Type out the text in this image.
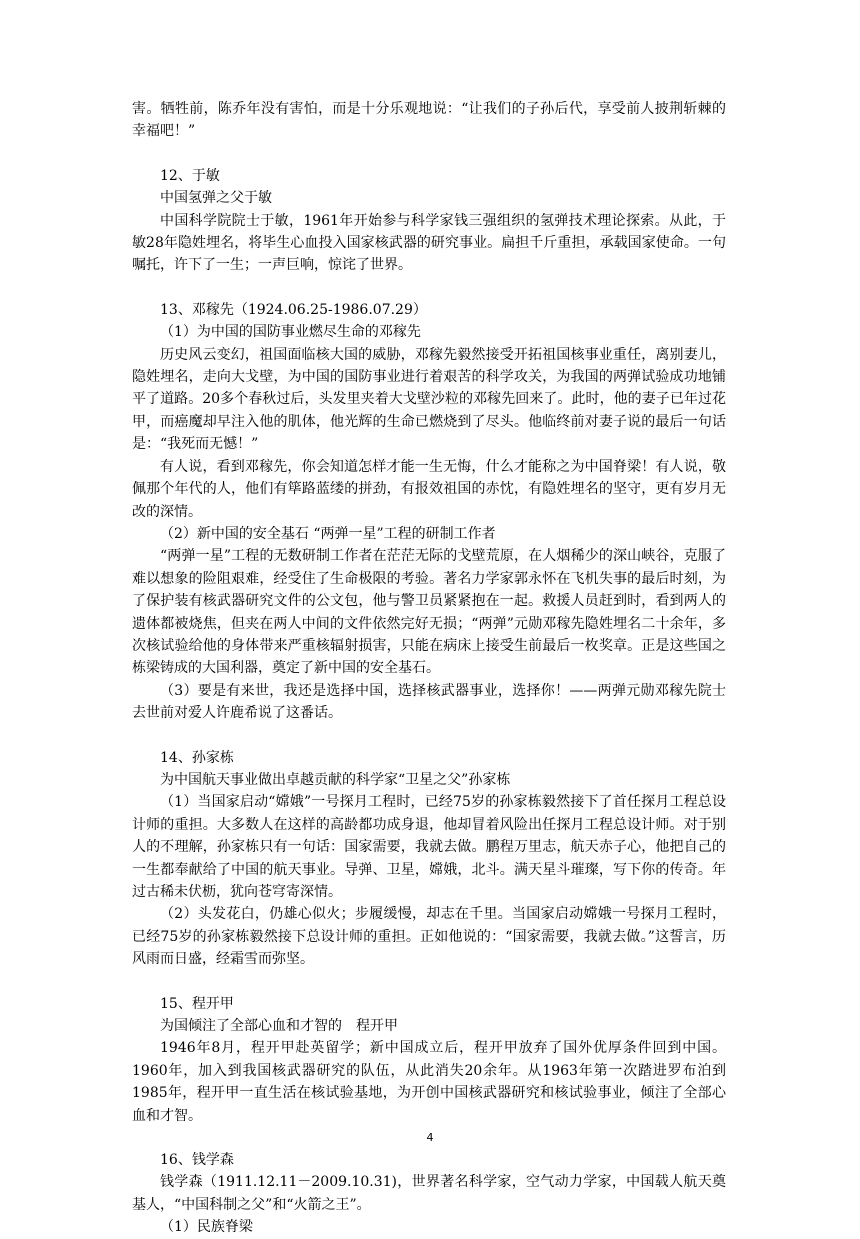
害。牺牲前，陈乔年没有害怕，而是十分乐观地说：“让我们的子孙后代，享受前人披荆斩棘的幸福吧！”

12、于敏

中国氢弹之父于敏

中国科学院院士于敏，1961年开始参与科学家钱三强组织的氢弹技术理论探索。从此，于敏28年隐姓埋名，将毕生心血投入国家核武器的研究事业。扁担千斤重担，承载国家使命。一句嘱托，许下了一生；一声巨响，惊诧了世界。

13、邓稼先（1924.06.25-1986.07.29）

（1）为中国的国防事业燃尽生命的邓稼先

历史风云变幻，祖国面临核大国的威胁，邓稼先毅然接受开拓祖国核事业重任，离别妻儿，隐姓埋名，走向大戈壁，为中国的国防事业进行着艰苦的科学攻关，为我国的两弹试验成功地铺平了道路。20多个春秋过后，头发里夹着大戈壁沙粒的邓稼先回来了。此时，他的妻子已年过花甲，而癌魔却早注入他的肌体，他光辉的生命已燃烧到了尽头。他临终前对妻子说的最后一句话是：“我死而无憾！”

有人说，看到邓稼先，你会知道怎样才能一生无悔，什么才能称之为中国脊梁！有人说，敬佩那个年代的人，他们有筚路蓝缕的拼劲，有报效祖国的赤忱，有隐姓埋名的坚守，更有岁月无改的深情。

（2）新中国的安全基石 “两弹一星”工程的研制工作者

“两弹一星”工程的无数研制工作者在茫茫无际的戈壁荒原，在人烟稀少的深山峡谷，克服了难以想象的险阻艰难，经受住了生命极限的考验。著名力学家郭永怀在飞机失事的最后时刻，为了保护装有核武器研究文件的公文包，他与警卫员紧紧抱在一起。救援人员赶到时，看到两人的遗体都被烧焦，但夹在两人中间的文件依然完好无损；“两弹”元勋邓稼先隐姓埋名二十余年，多次核试验给他的身体带来严重核辐射损害，只能在病床上接受生前最后一枚奖章。正是这些国之栋梁铸成的大国利器，奠定了新中国的安全基石。

（3）要是有来世，我还是选择中国，选择核武器事业，选择你！——两弹元勋邓稼先院士去世前对爱人许鹿希说了这番话。

14、孙家栋

为中国航天事业做出卓越贡献的科学家“卫星之父”孙家栋

（1）当国家启动“嫦娥”一号探月工程时，已经75岁的孙家栋毅然接下了首任探月工程总设计师的重担。大多数人在这样的高龄都功成身退，他却冒着风险出任探月工程总设计师。对于别人的不理解，孙家栋只有一句话：国家需要，我就去做。鹏程万里志，航天赤子心，他把自己的一生都奉献给了中国的航天事业。导弹、卫星，嫦娥，北斗。满天星斗璀璨，写下你的传奇。年过古稀未伏枥，犹向苍穹寄深情。

（2）头发花白，仍雄心似火；步履缓慢，却志在千里。当国家启动嫦娥一号探月工程时，已经75岁的孙家栋毅然接下总设计师的重担。正如他说的：“国家需要，我就去做。”这誓言，历风雨而日盛，经霜雪而弥坚。

15、程开甲

为国倾注了全部心血和才智的　程开甲

1946年8月，程开甲赴英留学；新中国成立后，程开甲放弃了国外优厚条件回到中国。1960年，加入到我国核武器研究的队伍，从此消失20余年。从1963年第一次踏进罗布泊到1985年，程开甲一直生活在核试验基地，为开创中国核武器研究和核试验事业，倾注了全部心血和才智。

16、钱学森

钱学森（1911.12.11－2009.10.31)，世界著名科学家，空气动力学家，中国载人航天奠基人，“中国科制之父”和“火箭之王”。

（1）民族脊梁

4
